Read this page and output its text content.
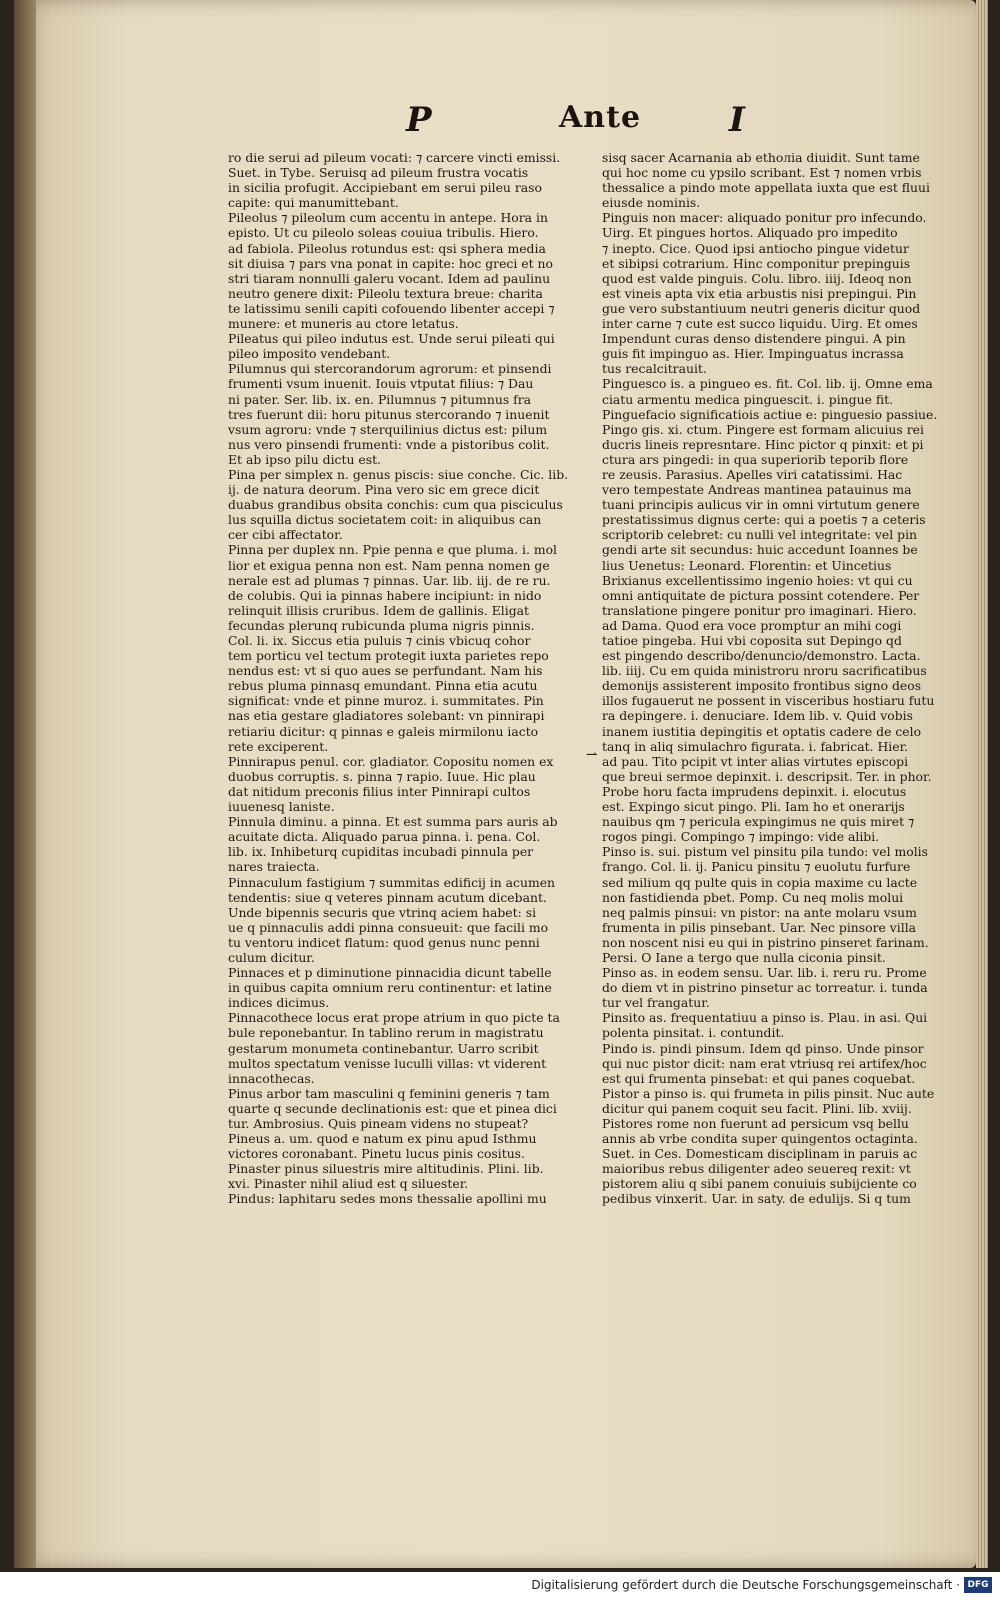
P	Ante	I
ro die serui ad pileum vocati: ⁊ carcere vincti emissi.
Suet. in Tybe. Seruisq ad pileum frustra vocatis
in sicilia profugit. Accipiebant em serui pileu raso
capite: qui manumittebant.
Pileolus ⁊ pileolum cum accentu in antepe. Hora in
episto. Ut cu pileolo soleas couiua tribulis. Hiero.
ad fabiola. Pileolus rotundus est: qsi sphera media
sit diuisa ⁊ pars vna ponat in capite: hoc greci et no
stri tiaram nonnulli galeru vocant. Idem ad paulinu
neutro genere dixit: Pileolu textura breue: charita
te latissimu senili capiti cofouendo libenter accepi ⁊
munere: et muneris au ctore letatus.
Pileatus qui pileo indutus est. Unde serui pileati qui
pileo imposito vendebant.
Pilumnus qui stercorandorum agrorum: et pinsendi
frumenti vsum inuenit. Iouis vtputat filius: ⁊ Dau
ni pater. Ser. lib. ix. en. Pilumnus ⁊ pitumnus fra
tres fuerunt dii: horu pitunus stercorando ⁊ inuenit
vsum agroru: vnde ⁊ sterquilinius dictus est: pilum
nus vero pinsendi frumenti: vnde a pistoribus colit.
Et ab ipso pilu dictu est.
Pina per simplex n. genus piscis: siue conche. Cic. lib.
ij. de natura deorum. Pina vero sic em grece dicit
duabus grandibus obsita conchis: cum qua pisciculus
lus squilla dictus societatem coit: in aliquibus can
cer cibi affectator.
Pinna per duplex nn. Ppie penna e que pluma. i. mol
lior et exigua penna non est. Nam penna nomen ge
nerale est ad plumas ⁊ pinnas. Uar. lib. iij. de re ru.
de colubis. Qui ia pinnas habere incipiunt: in nido
relinquit illisis cruribus. Idem de gallinis. Eligat
fecundas plerunq rubicunda pluma nigris pinnis.
Col. li. ix. Siccus etia puluis ⁊ cinis vbicuq cohor
tem porticu vel tectum protegit iuxta parietes repo
nendus est: vt si quo aues se perfundant. Nam his
rebus pluma pinnasq emundant. Pinna etia acutu
significat: vnde et pinne muroz. i. summitates. Pin
nas etia gestare gladiatores solebant: vn pinnirapi
retiariu dicitur: q pinnas e galeis mirmilonu iacto
rete exciperent.
Pinnirapus penul. cor. gladiator. Copositu nomen ex
duobus corruptis. s. pinna ⁊ rapio. Iuue. Hic plau
dat nitidum preconis filius inter Pinnirapi cultos
iuuenesq laniste.
Pinnula diminu. a pinna. Et est summa pars auris ab
acuitate dicta. Aliquado parua pinna. i. pena. Col.
lib. ix. Inhibeturq cupiditas incubadi pinnula per
nares traiecta.
Pinnaculum fastigium ⁊ summitas edificij in acumen
tendentis: siue q veteres pinnam acutum dicebant.
Unde bipennis securis que vtrinq aciem habet: si
ue q pinnaculis addi pinna consueuit: que facili mo
tu ventoru indicet flatum: quod genus nunc penni
culum dicitur.
Pinnaces et p diminutione pinnacidia dicunt tabelle
in quibus capita omnium reru continentur: et latine
indices dicimus.
Pinnacothece locus erat prope atrium in quo picte ta
bule reponebantur. In tablino rerum in magistratu
gestarum monumeta continebantur. Uarro scribit
multos spectatum venisse luculli villas: vt viderent
innacothecas.
Pinus arbor tam masculini q feminini generis ⁊ tam
quarte q secunde declinationis est: que et pinea dici
tur. Ambrosius. Quis pineam videns no stupeat?
Pineus a. um. quod e natum ex pinu apud Isthmu
victores coronabant. Pinetu lucus pinis cositus.
Pinaster pinus siluestris mire altitudinis. Plini. lib.
xvi. Pinaster nihil aliud est q siluester.
Pindus: laphitaru sedes mons thessalie apollini mu
sisq sacer Acarnania ab ethoлia diuidit. Sunt tame
qui hoc nome cu ypsilo scribant. Est ⁊ nomen vrbis
thessalice a pindo mote appellata iuxta que est fluui
eiusde nominis.
Pinguis non macer: aliquado ponitur pro infecundo.
Uirg. Et pingues hortos. Aliquado pro impedito
⁊ inepto. Cice. Quod ipsi antiocho pingue videtur
et sibipsi cotrarium. Hinc componitur prepinguis
quod est valde pinguis. Colu. libro. iiij. Ideoq non
est vineis apta vix etia arbustis nisi prepingui. Pin
gue vero substantiuum neutri generis dicitur quod
inter carne ⁊ cute est succo liquidu. Uirg. Et omes
Impendunt curas denso distendere pingui. A pin
guis fit impinguo as. Hier. Impinguatus incrassa
tus recalcitrauit.
Pinguesco is. a pingueo es. fit. Col. lib. ij. Omne ema
ciatu armentu medica pinguescit. i. pingue fit.
Pinguefacio significatiois actiue e: pinguesio passiue.
Pingo gis. xi. ctum. Pingere est formam alicuius rei
ducris lineis represntare. Hinc pictor q pinxit: et pi
ctura ars pingedi: in qua superiorib teporib flore
re zeusis. Parasius. Apelles viri catatissimi. Hac
vero tempestate Andreas mantinea patauinus ma
tuani principis aulicus vir in omni virtutum genere
prestatissimus dignus certe: qui a poetis ⁊ a ceteris
scriptorib celebret: cu nulli vel integritate: vel pin
gendi arte sit secundus: huic accedunt Ioannes be
lius Uenetus: Leonard. Florentin: et Uincetius
Brixianus excellentissimo ingenio hoies: vt qui cu
omni antiquitate de pictura possint cotendere. Per
translatione pingere ponitur pro imaginari. Hiero.
ad Dama. Quod era voce promptur an mihi cogi
tatioe pingeba. Hui vbi coposita sut Depingo qd
est pingendo describo/denuncio/demonstro. Lacta.
lib. iiij. Cu em quida ministroru nroru sacrificatibus
demonijs assisterent imposito frontibus signo deos
illos fugauerut ne possent in visceribus hostiaru futu
ra depingere. i. denuciare. Idem lib. v. Quid vobis
inanem iustitia depingitis et optatis cadere de celo
tanq in aliq simulachro figurata. i. fabricat. Hier.
ad pau. Tito pcipit vt inter alias virtutes episcopi
que breui sermoe depinxit. i. descripsit. Ter. in phor.
Probe horu facta imprudens depinxit. i. elocutus
est. Expingo sicut pingo. Pli. Iam ho et onerarijs
nauibus qm ⁊ pericula expingimus ne quis miret ⁊
rogos pingi. Compingo ⁊ impingo: vide alibi.
Pinso is. sui. pistum vel pinsitu pila tundo: vel molis
frango. Col. li. ij. Panicu pinsitu ⁊ euolutu furfure
sed milium qq pulte quis in copia maxime cu lacte
non fastidienda pbet. Pomp. Cu neq molis molui
neq palmis pinsui: vn pistor: na ante molaru vsum
frumenta in pilis pinsebant. Uar. Nec pinsore villa
non noscent nisi eu qui in pistrino pinseret farinam.
Persi. O Iane a tergo que nulla ciconia pinsit.
Pinso as. in eodem sensu. Uar. lib. i. reru ru. Prome
do diem vt in pistrino pinsetur ac torreatur. i. tunda
tur vel frangatur.
Pinsito as. frequentatiuu a pinso is. Plau. in asi. Qui
polenta pinsitat. i. contundit.
Pindo is. pindi pinsum. Idem qd pinso. Unde pinsor
qui nuc pistor dicit: nam erat vtriusq rei artifex/hoc
est qui frumenta pinsebat: et qui panes coquebat.
Pistor a pinso is. qui frumeta in pilis pinsit. Nuc aute
dicitur qui panem coquit seu facit. Plini. lib. xviij.
Pistores rome non fuerunt ad persicum vsq bellu
annis ab vrbe condita super quingentos octaginta.
Suet. in Ces. Domesticam disciplinam in paruis ac
maioribus rebus diligenter adeo seuereq rexit: vt
pistorem aliu q sibi panem conuiuis subijciente co
pedibus vinxerit. Uar. in saty. de edulijs. Si q tum
⇀
Digitalisierung gefördert durch die Deutsche Forschungsgemeinschaft · DFG
